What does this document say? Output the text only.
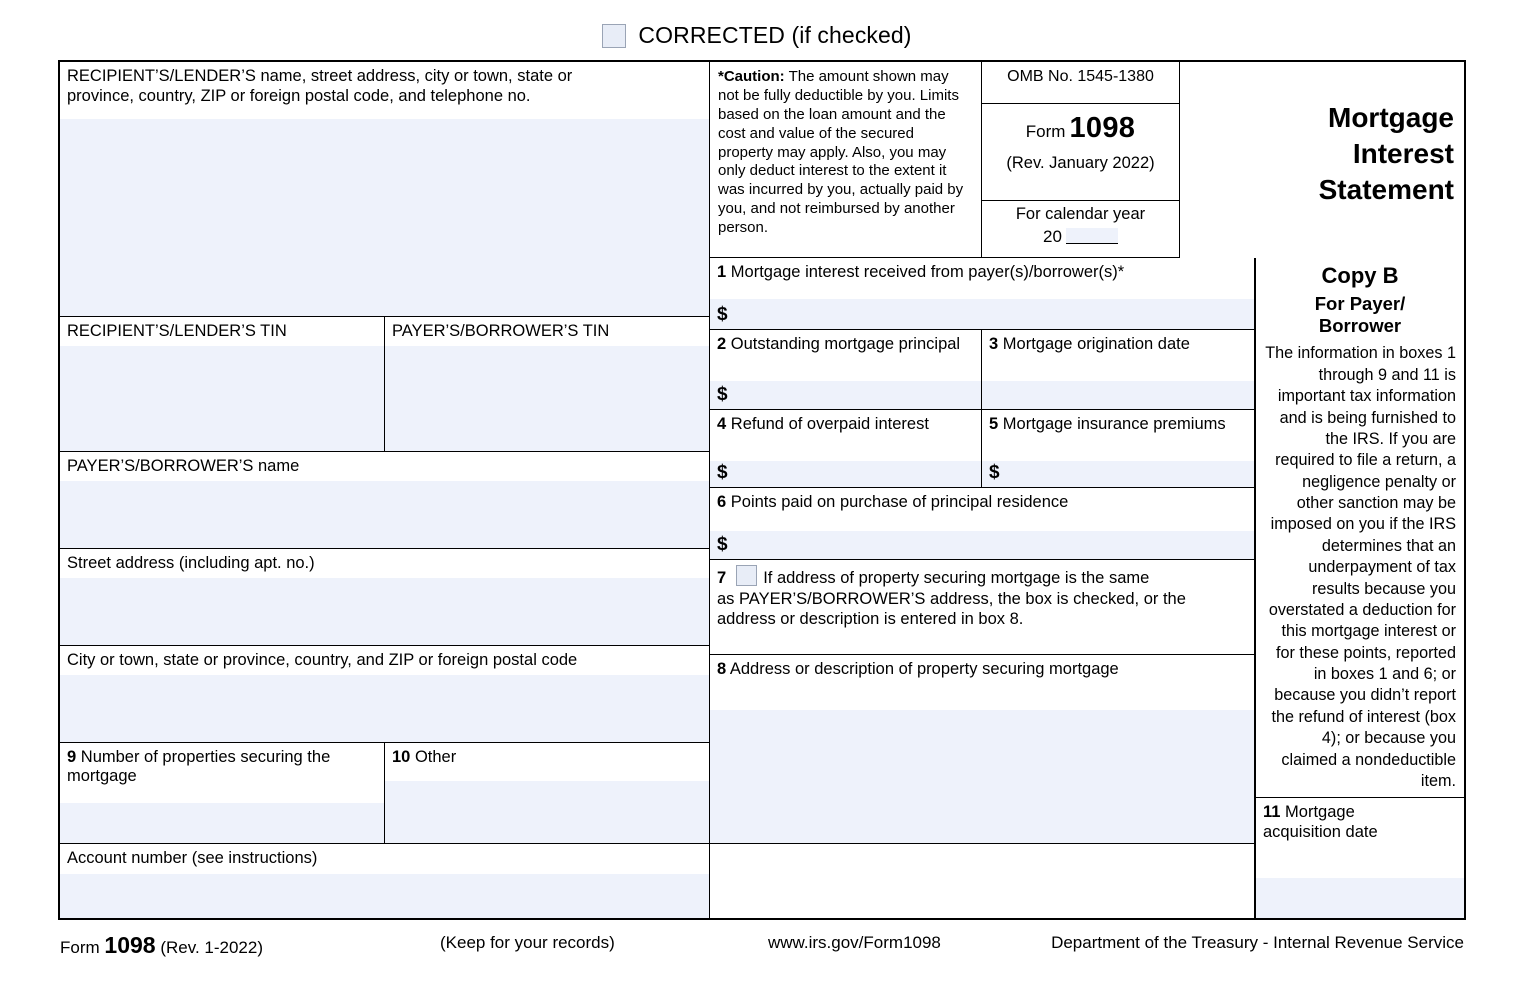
CORRECTED (if checked)
RECIPIENT’S/LENDER’S name, street address, city or town, state or
province, country, ZIP or foreign postal code, and telephone no.
RECIPIENT’S/LENDER’S TIN	PAYER’S/BORROWER’S TIN
PAYER’S/BORROWER’S name
Street address (including apt. no.)
City or town, state or province, country, and ZIP or foreign postal code
9 Number of properties securing the mortgage
10 Other
Account number (see instructions)
*Caution: The amount shown may not be fully deductible by you. Limits based on the loan amount and the cost and value of the secured property may apply. Also, you may only deduct interest to the extent it was incurred by you, actually paid by you, and not reimbursed by another person.
OMB No. 1545-1380
Form 1098
(Rev. January 2022)
For calendar year
20
Mortgage
Interest
Statement
1 Mortgage interest received from payer(s)/borrower(s)*
$
2 Outstanding mortgage principal
$
3 Mortgage origination date
4 Refund of overpaid interest
$
5 Mortgage insurance premiums
$
6 Points paid on purchase of principal residence
$
7 If address of property securing mortgage is the same
as PAYER’S/BORROWER’S address, the box is checked, or the address or description is entered in box 8.
8 Address or description of property securing mortgage
Copy B
For Payer/
Borrower
The information in boxes 1 through 9 and 11 is important tax information and is being furnished to the IRS. If you are required to file a return, a negligence penalty or other sanction may be imposed on you if the IRS determines that an underpayment of tax results because you overstated a deduction for this mortgage interest or for these points, reported in boxes 1 and 6; or because you didn’t report the refund of interest (box 4); or because you claimed a nondeductible item.
11 Mortgage
acquisition date
Form 1098 (Rev. 1-2022)	(Keep for your records)	www.irs.gov/Form1098	Department of the Treasury - Internal Revenue Service
